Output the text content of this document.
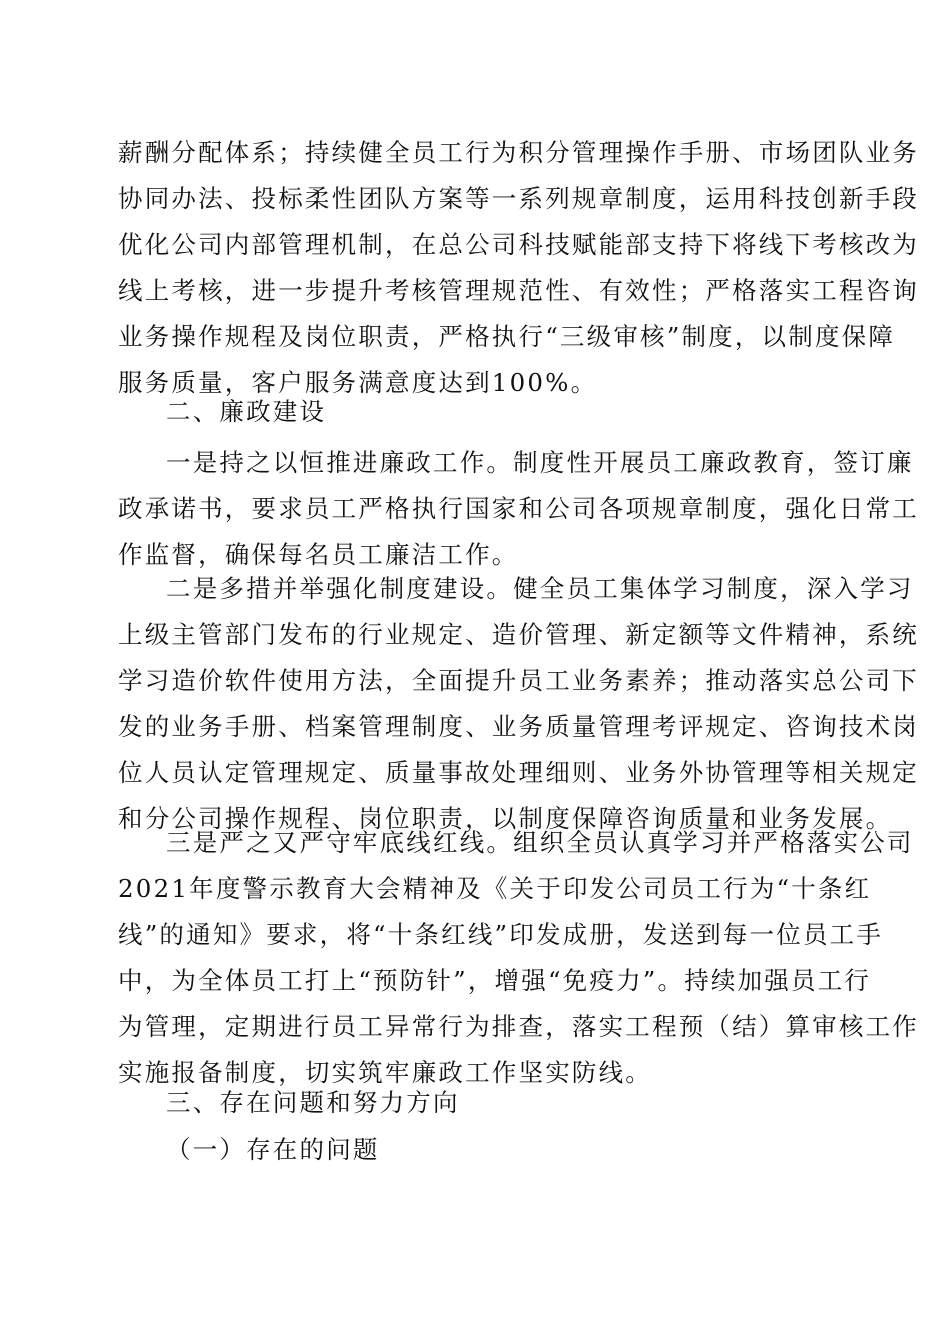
薪酬分配体系；持续健全员工行为积分管理操作手册、市场团队业务
协同办法、投标柔性团队方案等一系列规章制度，运用科技创新手段
优化公司内部管理机制，在总公司科技赋能部支持下将线下考核改为
线上考核，进一步提升考核管理规范性、有效性；严格落实工程咨询
业务操作规程及岗位职责，严格执行“三级审核”制度，以制度保障
服务质量，客户服务满意度达到100%。
二、廉政建设
一是持之以恒推进廉政工作。制度性开展员工廉政教育，签订廉
政承诺书，要求员工严格执行国家和公司各项规章制度，强化日常工
作监督，确保每名员工廉洁工作。
二是多措并举强化制度建设。健全员工集体学习制度，深入学习
上级主管部门发布的行业规定、造价管理、新定额等文件精神，系统
学习造价软件使用方法，全面提升员工业务素养；推动落实总公司下
发的业务手册、档案管理制度、业务质量管理考评规定、咨询技术岗
位人员认定管理规定、质量事故处理细则、业务外协管理等相关规定
和分公司操作规程、岗位职责，以制度保障咨询质量和业务发展。
三是严之又严守牢底线红线。组织全员认真学习并严格落实公司
2021年度警示教育大会精神及《关于印发公司员工行为“十条红
线”的通知》要求，将“十条红线”印发成册，发送到每一位员工手
中，为全体员工打上“预防针”，增强“免疫力”。持续加强员工行
为管理，定期进行员工异常行为排查，落实工程预（结）算审核工作
实施报备制度，切实筑牢廉政工作坚实防线。
三、存在问题和努力方向
（一）存在的问题
